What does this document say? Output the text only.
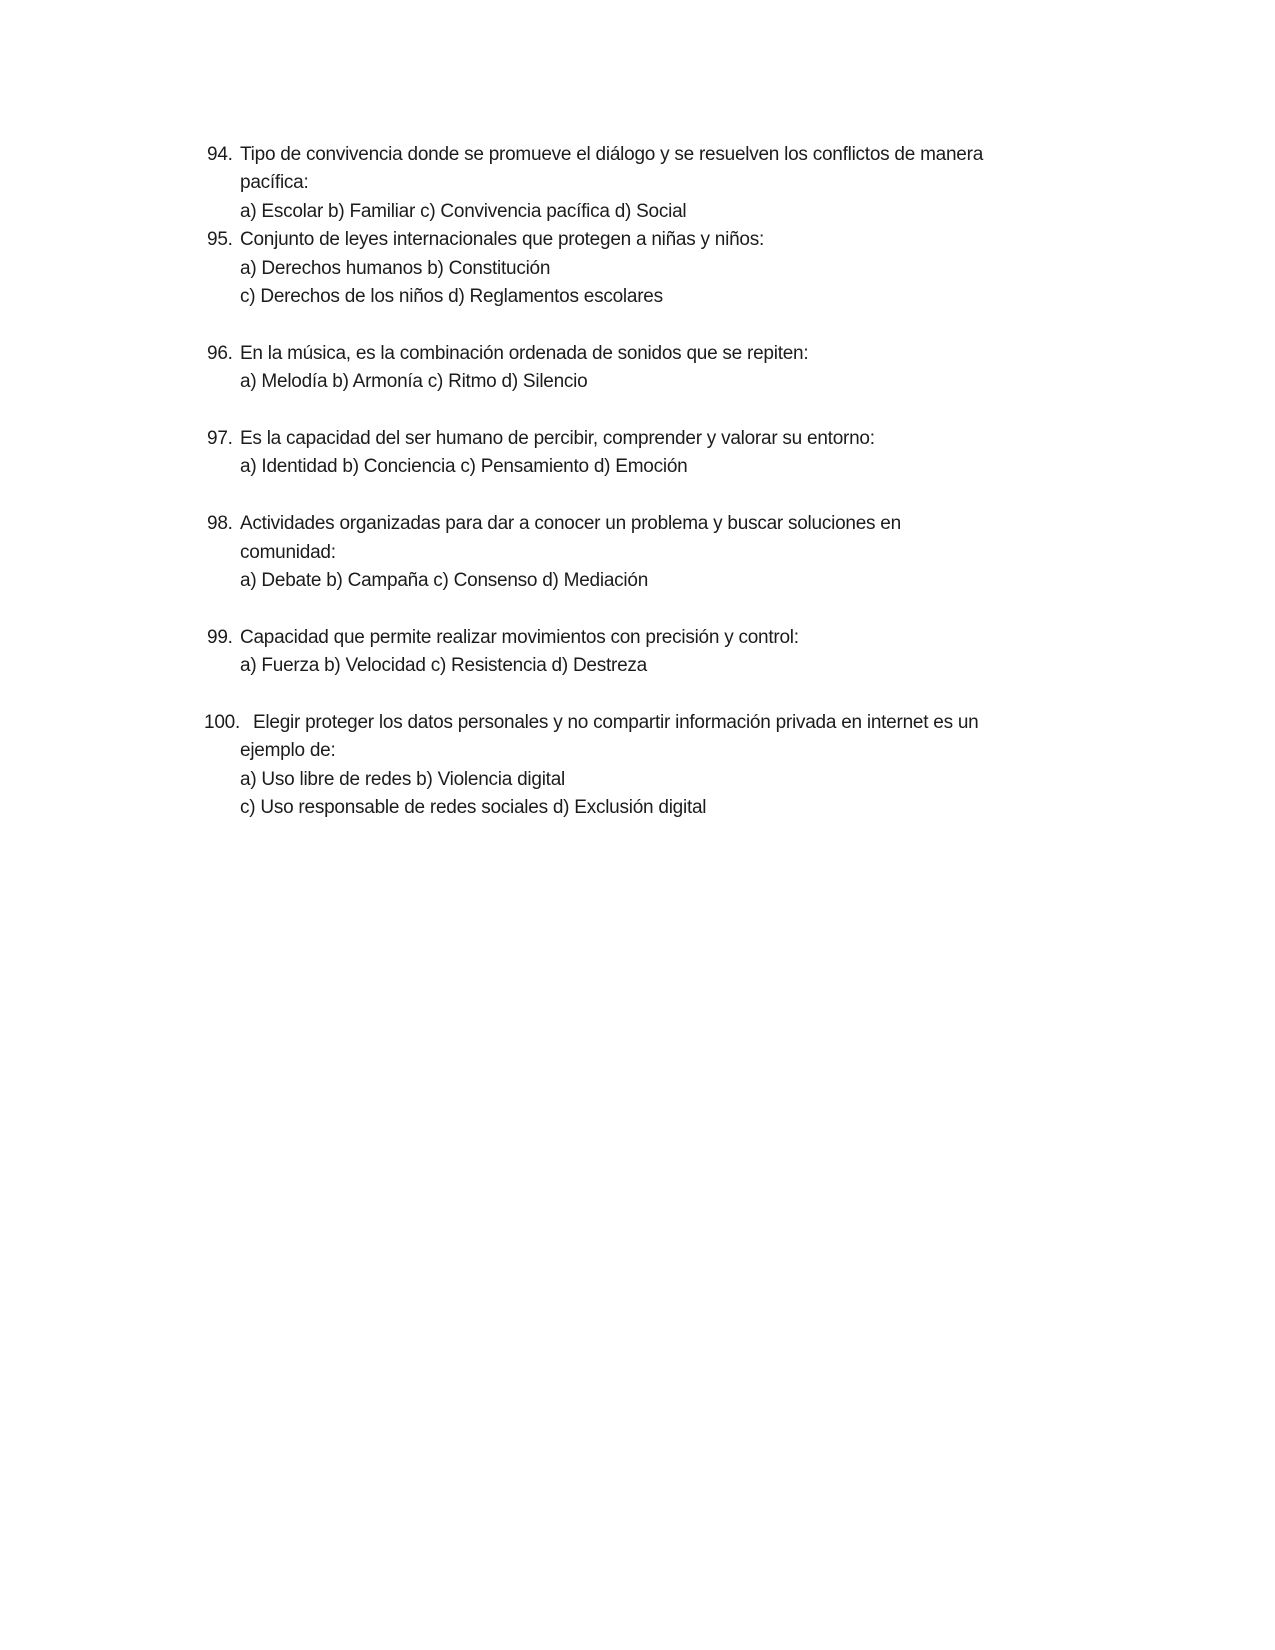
94. Tipo de convivencia donde se promueve el diálogo y se resuelven los conflictos de manera
pacífica:
a) Escolar b) Familiar c) Convivencia pacífica d) Social
95. Conjunto de leyes internacionales que protegen a niñas y niños:
a) Derechos humanos b) Constitución
c) Derechos de los niños d) Reglamentos escolares
96. En la música, es la combinación ordenada de sonidos que se repiten:
a) Melodía b) Armonía c) Ritmo d) Silencio
97. Es la capacidad del ser humano de percibir, comprender y valorar su entorno:
a) Identidad b) Conciencia c) Pensamiento d) Emoción
98. Actividades organizadas para dar a conocer un problema y buscar soluciones en
comunidad:
a) Debate b) Campaña c) Consenso d) Mediación
99. Capacidad que permite realizar movimientos con precisión y control:
a) Fuerza b) Velocidad c) Resistencia d) Destreza
100. Elegir proteger los datos personales y no compartir información privada en internet es un
ejemplo de:
a) Uso libre de redes b) Violencia digital
c) Uso responsable de redes sociales d) Exclusión digital
